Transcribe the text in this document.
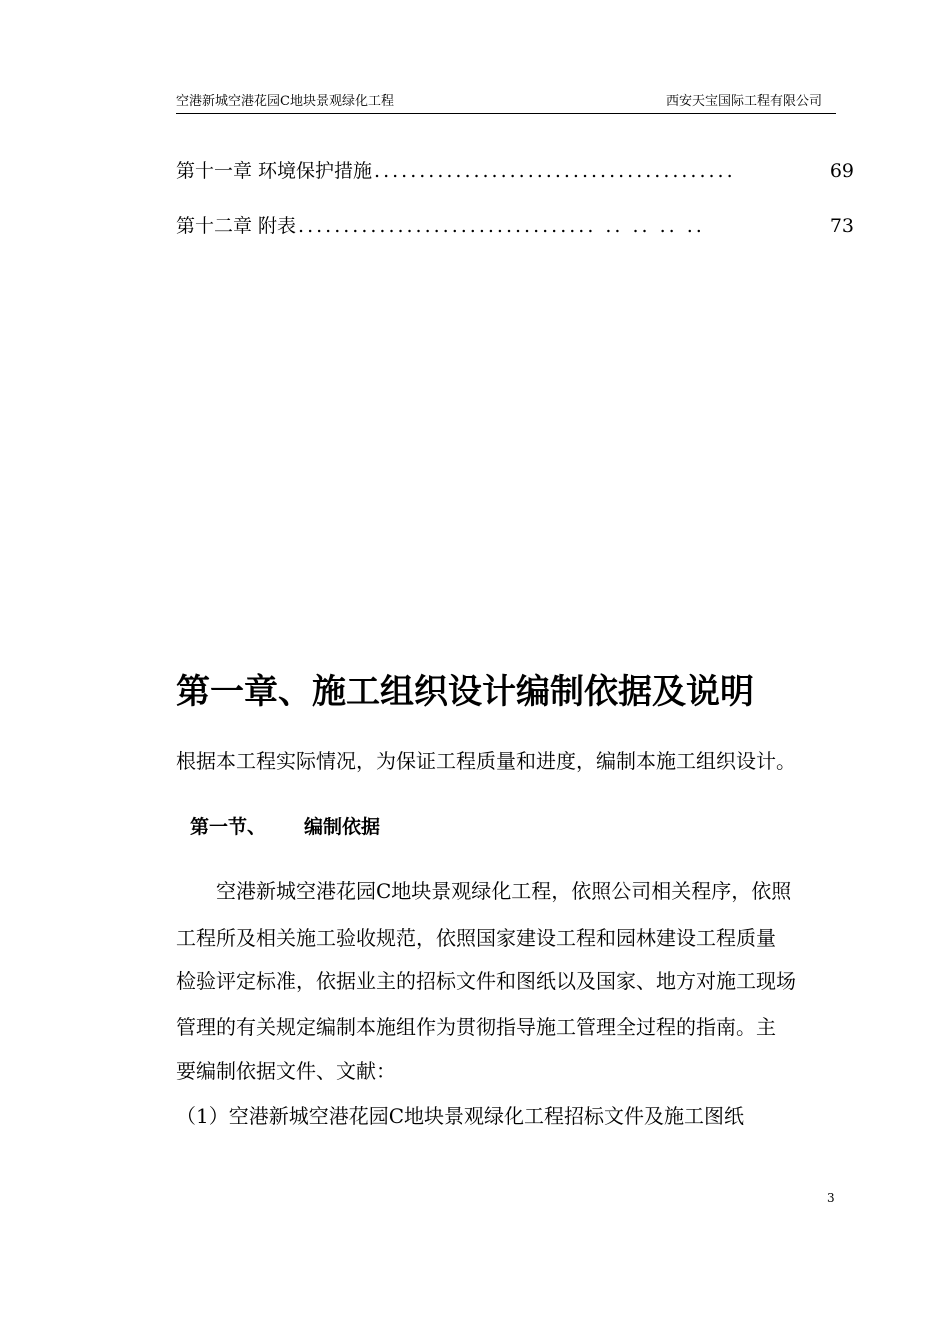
空港新城空港花园C地块景观绿化工程	西安天宝国际工程有限公司
第十一章 环境保护措施 ........................................	69
第十二章 附表 ................................. .. .. .. ..	73
第一章、施工组织设计编制依据及说明
根据本工程实际情况，为保证工程质量和进度，编制本施工组织设计。
第一节、 编制依据
　　空港新城空港花园C地块景观绿化工程，依照公司相关程序，依照
工程所及相关施工验收规范，依照国家建设工程和园林建设工程质量
检验评定标准，依据业主的招标文件和图纸以及国家、地方对施工现场
管理的有关规定编制本施组作为贯彻指导施工管理全过程的指南。主
要编制依据文件、文献：
（1）空港新城空港花园C地块景观绿化工程招标文件及施工图纸
3
